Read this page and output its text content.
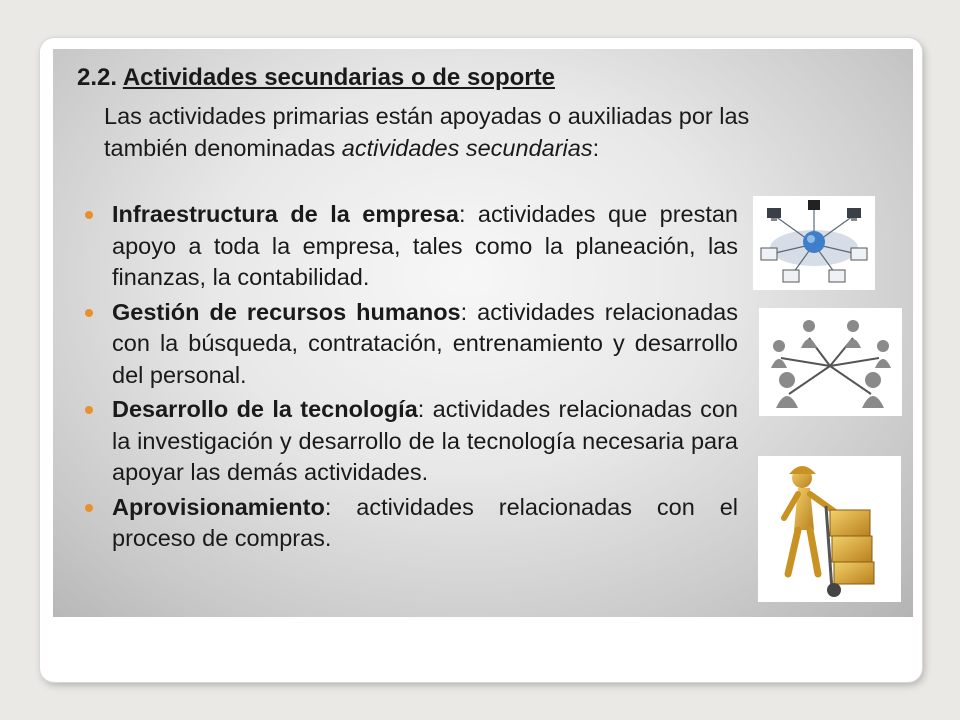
2.2. Actividades secundarias o de soporte

Las actividades primarias están apoyadas o auxiliadas por las también denominadas actividades secundarias:

Infraestructura de la empresa: actividades que prestan apoyo a toda la empresa, tales como la planeación, las finanzas, la contabilidad.
Gestión de recursos humanos: actividades relacionadas con la búsqueda, contratación, entrenamiento y desarrollo del personal.
Desarrollo de la tecnología: actividades relacionadas con la investigación y desarrollo de la tecnología necesaria para apoyar las demás actividades.
Aprovisionamiento: actividades relacionadas con el proceso de compras.
